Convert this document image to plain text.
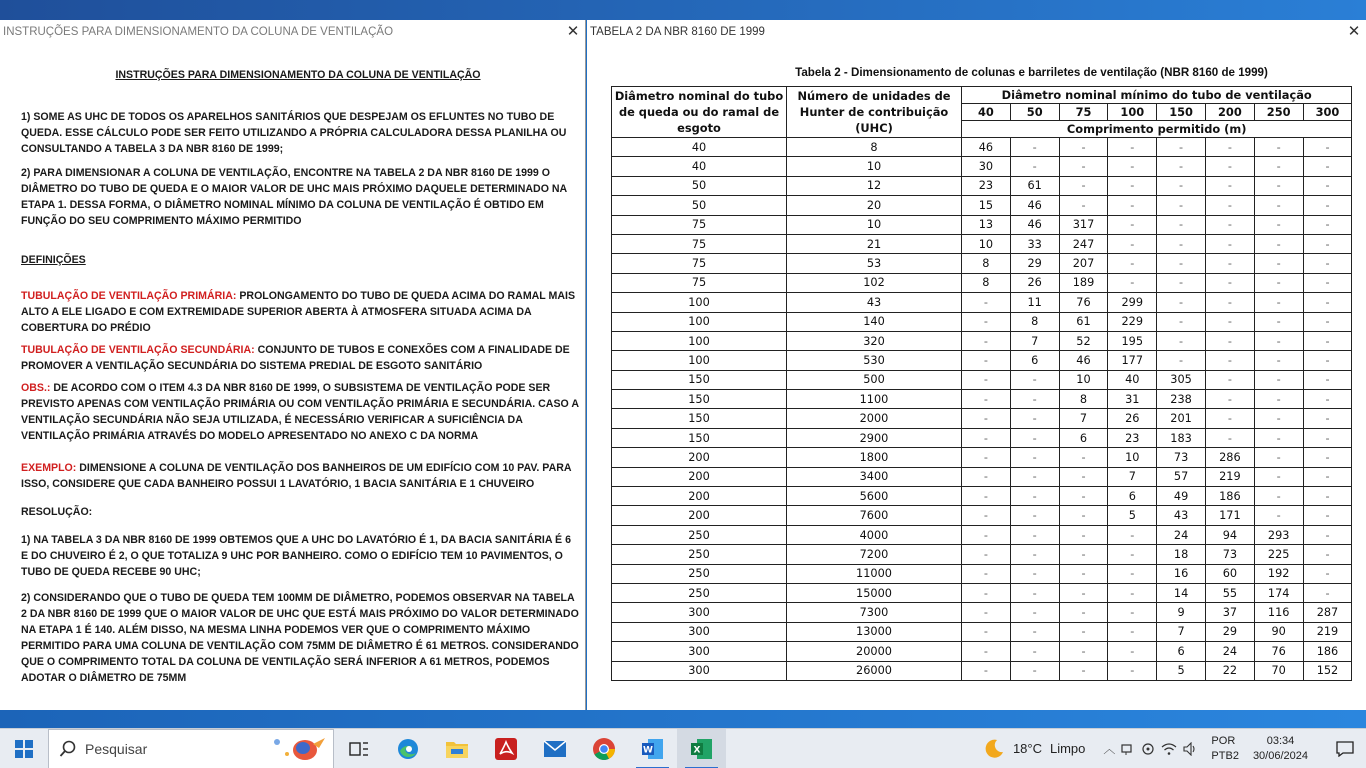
INSTRUÇÕES PARA DIMENSIONAMENTO DA COLUNA DE VENTILAÇÃO	✕
INSTRUÇÕES PARA DIMENSIONAMENTO DA COLUNA DE VENTILAÇÃO

1) SOME AS UHC DE TODOS OS APARELHOS SANITÁRIOS QUE DESPEJAM OS EFLUNTES NO TUBO DE QUEDA. ESSE CÁLCULO PODE SER FEITO UTILIZANDO A PRÓPRIA CALCULADORA DESSA PLANILHA OU CONSULTANDO A TABELA 3 DA NBR 8160 DE 1999;

2) PARA DIMENSIONAR A COLUNA DE VENTILAÇÃO, ENCONTRE NA TABELA 2 DA NBR 8160 DE 1999 O DIÂMETRO DO TUBO DE QUEDA E O MAIOR VALOR DE UHC MAIS PRÓXIMO DAQUELE DETERMINADO NA ETAPA 1. DESSA FORMA, O DIÂMETRO NOMINAL MÍNIMO DA COLUNA DE VENTILAÇÃO É OBTIDO EM FUNÇÃO DO SEU COMPRIMENTO MÁXIMO PERMITIDO

DEFINIÇÕES

TUBULAÇÃO DE VENTILAÇÃO PRIMÁRIA: PROLONGAMENTO DO TUBO DE QUEDA ACIMA DO RAMAL MAIS ALTO A ELE LIGADO E COM EXTREMIDADE SUPERIOR ABERTA À ATMOSFERA SITUADA ACIMA DA COBERTURA DO PRÉDIO

TUBULAÇÃO DE VENTILAÇÃO SECUNDÁRIA: CONJUNTO DE TUBOS E CONEXÕES COM A FINALIDADE DE PROMOVER A VENTILAÇÃO SECUNDÁRIA DO SISTEMA PREDIAL DE ESGOTO SANITÁRIO

OBS.: DE ACORDO COM O ITEM 4.3 DA NBR 8160 DE 1999, O SUBSISTEMA DE VENTILAÇÃO PODE SER PREVISTO APENAS COM VENTILAÇÃO PRIMÁRIA OU COM VENTILAÇÃO PRIMÁRIA E SECUNDÁRIA. CASO A VENTILAÇÃO SECUNDÁRIA NÃO SEJA UTILIZADA, É NECESSÁRIO VERIFICAR A SUFICIÊNCIA DA VENTILAÇÃO PRIMÁRIA ATRAVÉS DO MODELO APRESENTADO NO ANEXO C DA NORMA

EXEMPLO: DIMENSIONE A COLUNA DE VENTILAÇÃO DOS BANHEIROS DE UM EDIFÍCIO COM 10 PAV. PARA ISSO, CONSIDERE QUE CADA BANHEIRO POSSUI 1 LAVATÓRIO, 1 BACIA SANITÁRIA E 1 CHUVEIRO

RESOLUÇÃO:

1) NA TABELA 3 DA NBR 8160 DE 1999 OBTEMOS QUE A UHC DO LAVATÓRIO É 1, DA BACIA SANITÁRIA É 6 E DO CHUVEIRO É 2, O QUE TOTALIZA 9 UHC POR BANHEIRO. COMO O EDIFÍCIO TEM 10 PAVIMENTOS, O TUBO DE QUEDA RECEBE 90 UHC;

2) CONSIDERANDO QUE O TUBO DE QUEDA TEM 100MM DE DIÂMETRO, PODEMOS OBSERVAR NA TABELA 2 DA NBR 8160 DE 1999 QUE O MAIOR VALOR DE UHC QUE ESTÁ MAIS PRÓXIMO DO VALOR DETERMINADO NA ETAPA 1 É 140. ALÉM DISSO, NA MESMA LINHA PODEMOS VER QUE O COMPRIMENTO MÁXIMO PERMITIDO PARA UMA COLUNA DE VENTILAÇÃO COM 75MM DE DIÂMETRO É 61 METROS. CONSIDERANDO QUE O COMPRIMENTO TOTAL DA COLUNA DE VENTILAÇÃO SERÁ INFERIOR A 61 METROS, PODEMOS ADOTAR O DIÂMETRO DE 75MM

TABELA 2 DA NBR 8160 DE 1999	✕
Tabela 2 - Dimensionamento de colunas e barriletes de ventilação (NBR 8160 de 1999)
Diâmetro nominal do tubo de queda ou do ramal de esgoto	Número de unidades de Hunter de contribuição (UHC)	Diâmetro nominal mínimo do tubo de ventilação							
		40	50	75	100	150	200	250	300
		Comprimento permitido (m)							
40	8	46	-	-	-	-	-	-	-
40	10	30	-	-	-	-	-	-	-
50	12	23	61	-	-	-	-	-	-
50	20	15	46	-	-	-	-	-	-
75	10	13	46	317	-	-	-	-	-
75	21	10	33	247	-	-	-	-	-
75	53	8	29	207	-	-	-	-	-
75	102	8	26	189	-	-	-	-	-
100	43	-	11	76	299	-	-	-	-
100	140	-	8	61	229	-	-	-	-
100	320	-	7	52	195	-	-	-	-
100	530	-	6	46	177	-	-	-	-
150	500	-	-	10	40	305	-	-	-
150	1100	-	-	8	31	238	-	-	-
150	2000	-	-	7	26	201	-	-	-
150	2900	-	-	6	23	183	-	-	-
200	1800	-	-	-	10	73	286	-	-
200	3400	-	-	-	7	57	219	-	-
200	5600	-	-	-	6	49	186	-	-
200	7600	-	-	-	5	43	171	-	-
250	4000	-	-	-	-	24	94	293	-
250	7200	-	-	-	-	18	73	225	-
250	11000	-	-	-	-	16	60	192	-
250	15000	-	-	-	-	14	55	174	-
300	7300	-	-	-	-	9	37	116	287
300	13000	-	-	-	-	7	29	90	219
300	20000	-	-	-	-	6	24	76	186
300	26000	-	-	-	-	5	22	70	152
Pesquisar	W	X	18°C Limpo ︿
POR
PTB2
03:34
30/06/2024
